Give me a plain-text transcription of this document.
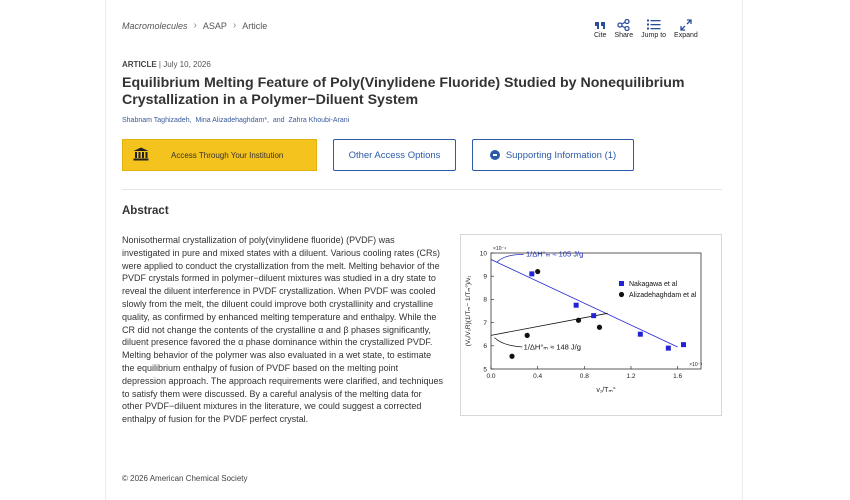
Macromolecules › ASAP › Article
Cite Share Jump to Expand
ARTICLE | July 10, 2026
Equilibrium Melting Feature of Poly(Vinylidene Fluoride) Studied by Nonequilibrium Crystallization in a Polymer−Diluent System
Shabnam Taghizadeh, Mina Alizadehaghdam*, and Zahra Khoubi-Arani
Access Through Your Institution	Other Access Options	Supporting Information (1)
Abstract
0.0	0.4	0.8	1.2	1.6
5
6
7
8
9
10
×10⁻⁴
×10⁻³
v₁/Tₘ°
(Vᵤ/V₁R)(1/Tₘ− 1/Tₘ°)/v₁
1/ΔH°ₘ ≈ 105 J/g
1/ΔH°ₘ ≈ 148 J/g
Nakagawa et al
Alizadehaghdam et al
Nonisothermal crystallization of poly(vinylidene fluoride) (PVDF) was investigated in pure and mixed states with a diluent. Various cooling rates (CRs) were applied to conduct the crystallization from the melt. Melting behavior of the PVDF crystals formed in polymer−diluent mixtures was studied in a dry state to reveal the diluent interference in PVDF crystallization. When PVDF was cooled slowly from the melt, the diluent could improve both crystallinity and crystalline quality, as confirmed by enhanced melting temperature and enthalpy. While the CR did not change the contents of the crystalline α and β phases significantly, diluent presence favored the α phase dominance within the crystallized PVDF. Melting behavior of the polymer was also evaluated in a wet state, to estimate the equilibrium enthalpy of fusion of PVDF based on the melting point depression approach. The approach requirements were clarified, and techniques to satisfy them were discussed. By a careful analysis of the melting data for other PVDF−diluent mixtures in the literature, we could suggest a corrected enthalpy of fusion for the PVDF perfect crystal.
© 2026 American Chemical Society
